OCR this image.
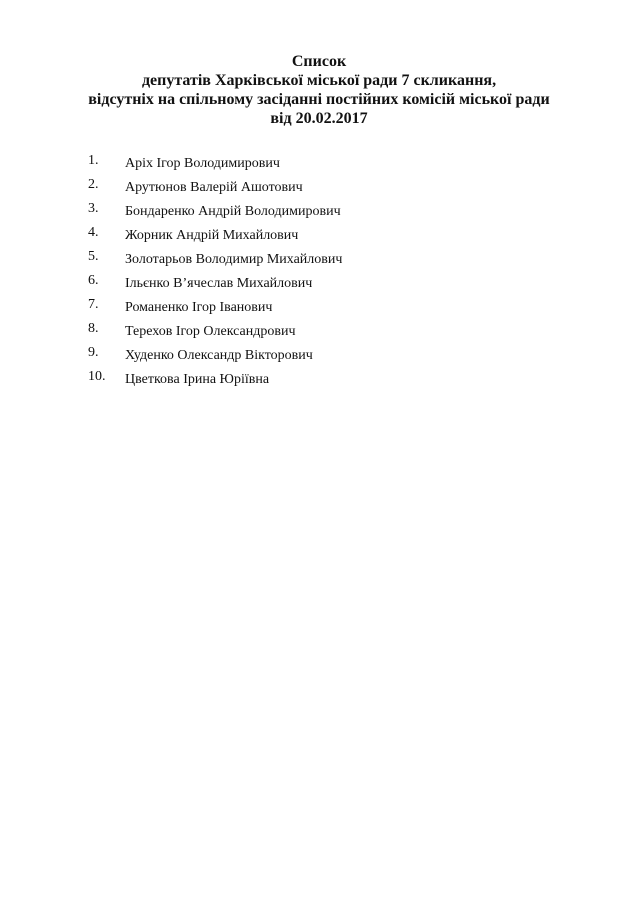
Список
депутатів Харківської міської ради 7 скликання,
відсутніх на спільному засіданні постійних комісій міської ради
від 20.02.2017
1.	Аріх Ігор Володимирович
2.	Арутюнов Валерій Ашотович
3.	Бондаренко Андрій Володимирович
4.	Жорник Андрій Михайлович
5.	Золотарьов Володимир Михайлович
6.	Ільєнко В’ячеслав Михайлович
7.	Романенко Ігор Іванович
8.	Терехов Ігор Олександрович
9.	Худенко Олександр Вікторович
10.	Цветкова Ірина Юріївна
